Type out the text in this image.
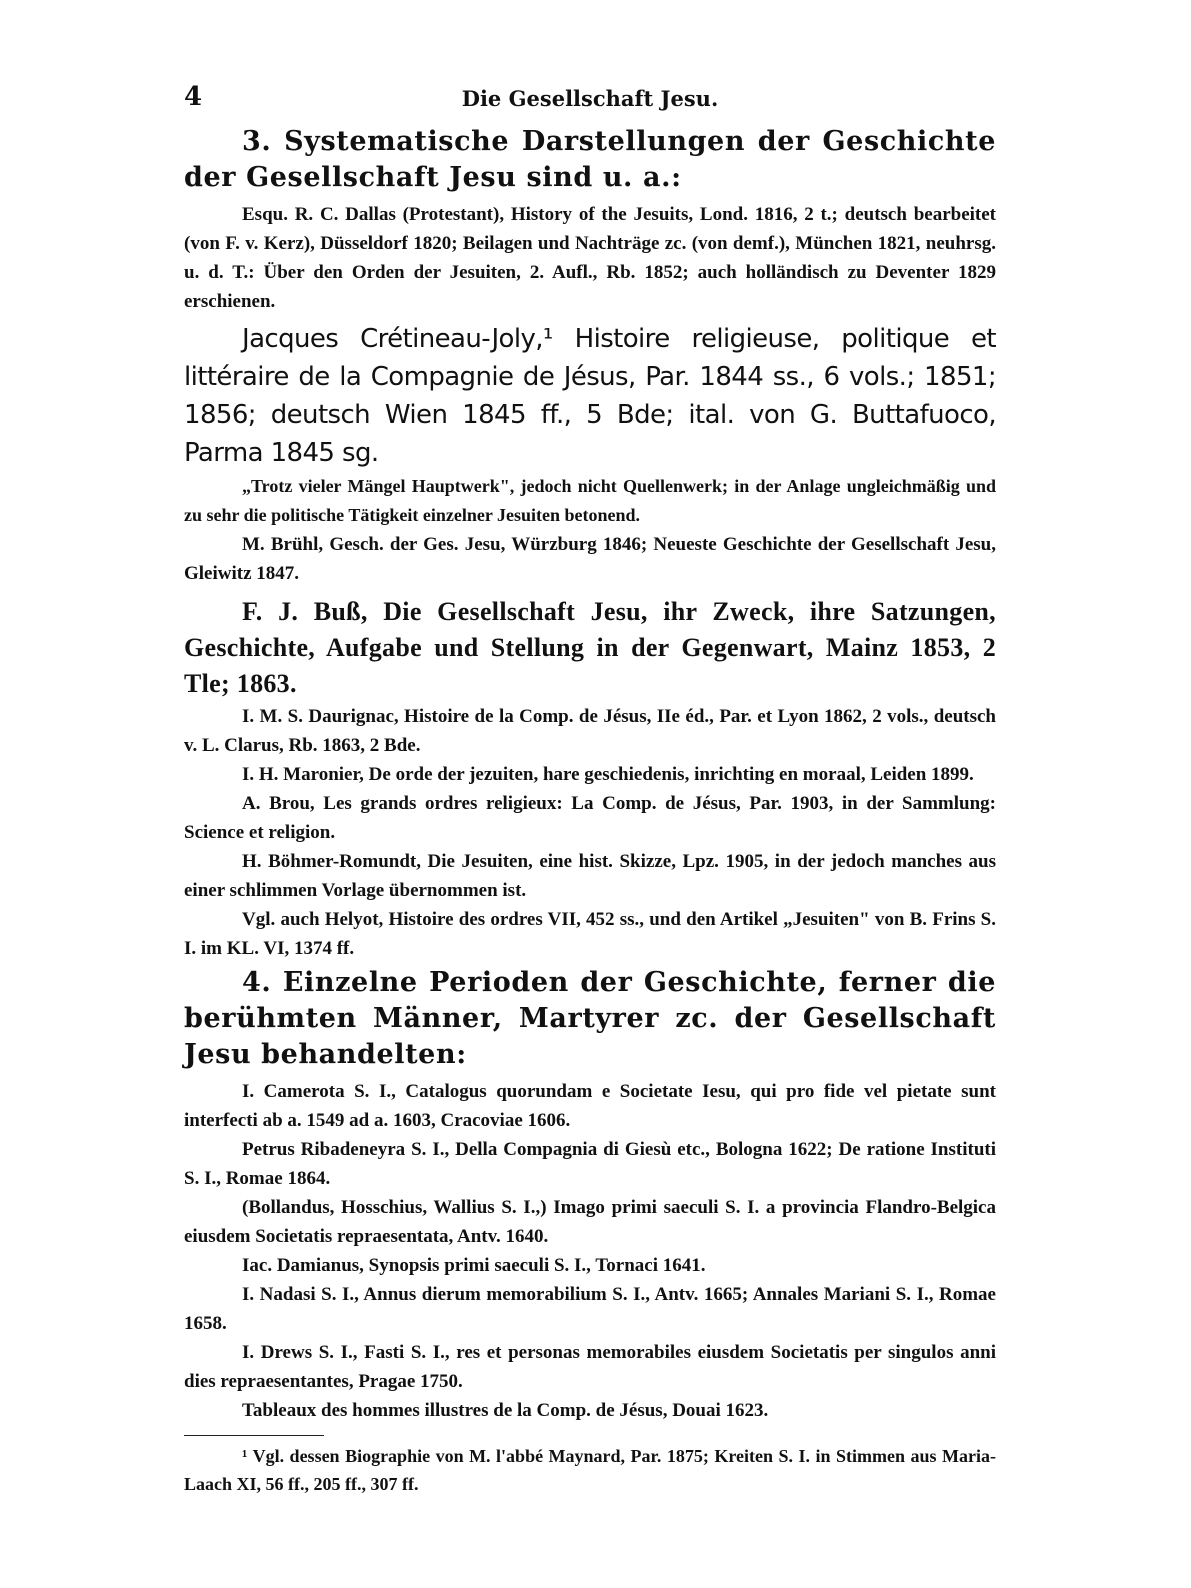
4	Die Gesellschaft Jesu.

3. Systematische Darstellungen der Geschichte der Gesellschaft Jesu sind u. a.:

Esqu. R. C. Dallas (Protestant), History of the Jesuits, Lond. 1816, 2 t.; deutsch bearbeitet (von F. v. Kerz), Düsseldorf 1820; Beilagen und Nachträge zc. (von demf.), München 1821, neuhrsg. u. d. T.: Über den Orden der Jesuiten, 2. Aufl., Rb. 1852; auch holländisch zu Deventer 1829 erschienen.

Jacques Crétineau-Joly,¹ Histoire religieuse, politique et littéraire de la Compagnie de Jésus, Par. 1844 ss., 6 vols.; 1851; 1856; deutsch Wien 1845 ff., 5 Bde; ital. von G. Buttafuoco, Parma 1845 sg.

„Trotz vieler Mängel Hauptwerk", jedoch nicht Quellenwerk; in der Anlage ungleichmäßig und zu sehr die politische Tätigkeit einzelner Jesuiten betonend.

M. Brühl, Gesch. der Ges. Jesu, Würzburg 1846; Neueste Geschichte der Gesellschaft Jesu, Gleiwitz 1847.

F. J. Buß, Die Gesellschaft Jesu, ihr Zweck, ihre Satzungen, Geschichte, Aufgabe und Stellung in der Gegenwart, Mainz 1853, 2 Tle; 1863.

I. M. S. Daurignac, Histoire de la Comp. de Jésus, IIe éd., Par. et Lyon 1862, 2 vols., deutsch v. L. Clarus, Rb. 1863, 2 Bde.

I. H. Maronier, De orde der jezuiten, hare geschiedenis, inrichting en moraal, Leiden 1899.

A. Brou, Les grands ordres religieux: La Comp. de Jésus, Par. 1903, in der Sammlung: Science et religion.

H. Böhmer-Romundt, Die Jesuiten, eine hist. Skizze, Lpz. 1905, in der jedoch manches aus einer schlimmen Vorlage übernommen ist.

Vgl. auch Helyot, Histoire des ordres VII, 452 ss., und den Artikel „Jesuiten" von B. Frins S. I. im KL. VI, 1374 ff.

4. Einzelne Perioden der Geschichte, ferner die berühmten Männer, Martyrer zc. der Gesellschaft Jesu behandelten:

I. Camerota S. I., Catalogus quorundam e Societate Iesu, qui pro fide vel pietate sunt interfecti ab a. 1549 ad a. 1603, Cracoviae 1606.

Petrus Ribadeneyra S. I., Della Compagnia di Giesù etc., Bologna 1622; De ratione Instituti S. I., Romae 1864.

(Bollandus, Hosschius, Wallius S. I.,) Imago primi saeculi S. I. a provincia Flandro-Belgica eiusdem Societatis repraesentata, Antv. 1640.

Iac. Damianus, Synopsis primi saeculi S. I., Tornaci 1641.

I. Nadasi S. I., Annus dierum memorabilium S. I., Antv. 1665; Annales Mariani S. I., Romae 1658.

I. Drews S. I., Fasti S. I., res et personas memorabiles eiusdem Societatis per singulos anni dies repraesentantes, Pragae 1750.

Tableaux des hommes illustres de la Comp. de Jésus, Douai 1623.

¹ Vgl. dessen Biographie von M. l'abbé Maynard, Par. 1875; Kreiten S. I. in Stimmen aus Maria-Laach XI, 56 ff., 205 ff., 307 ff.
